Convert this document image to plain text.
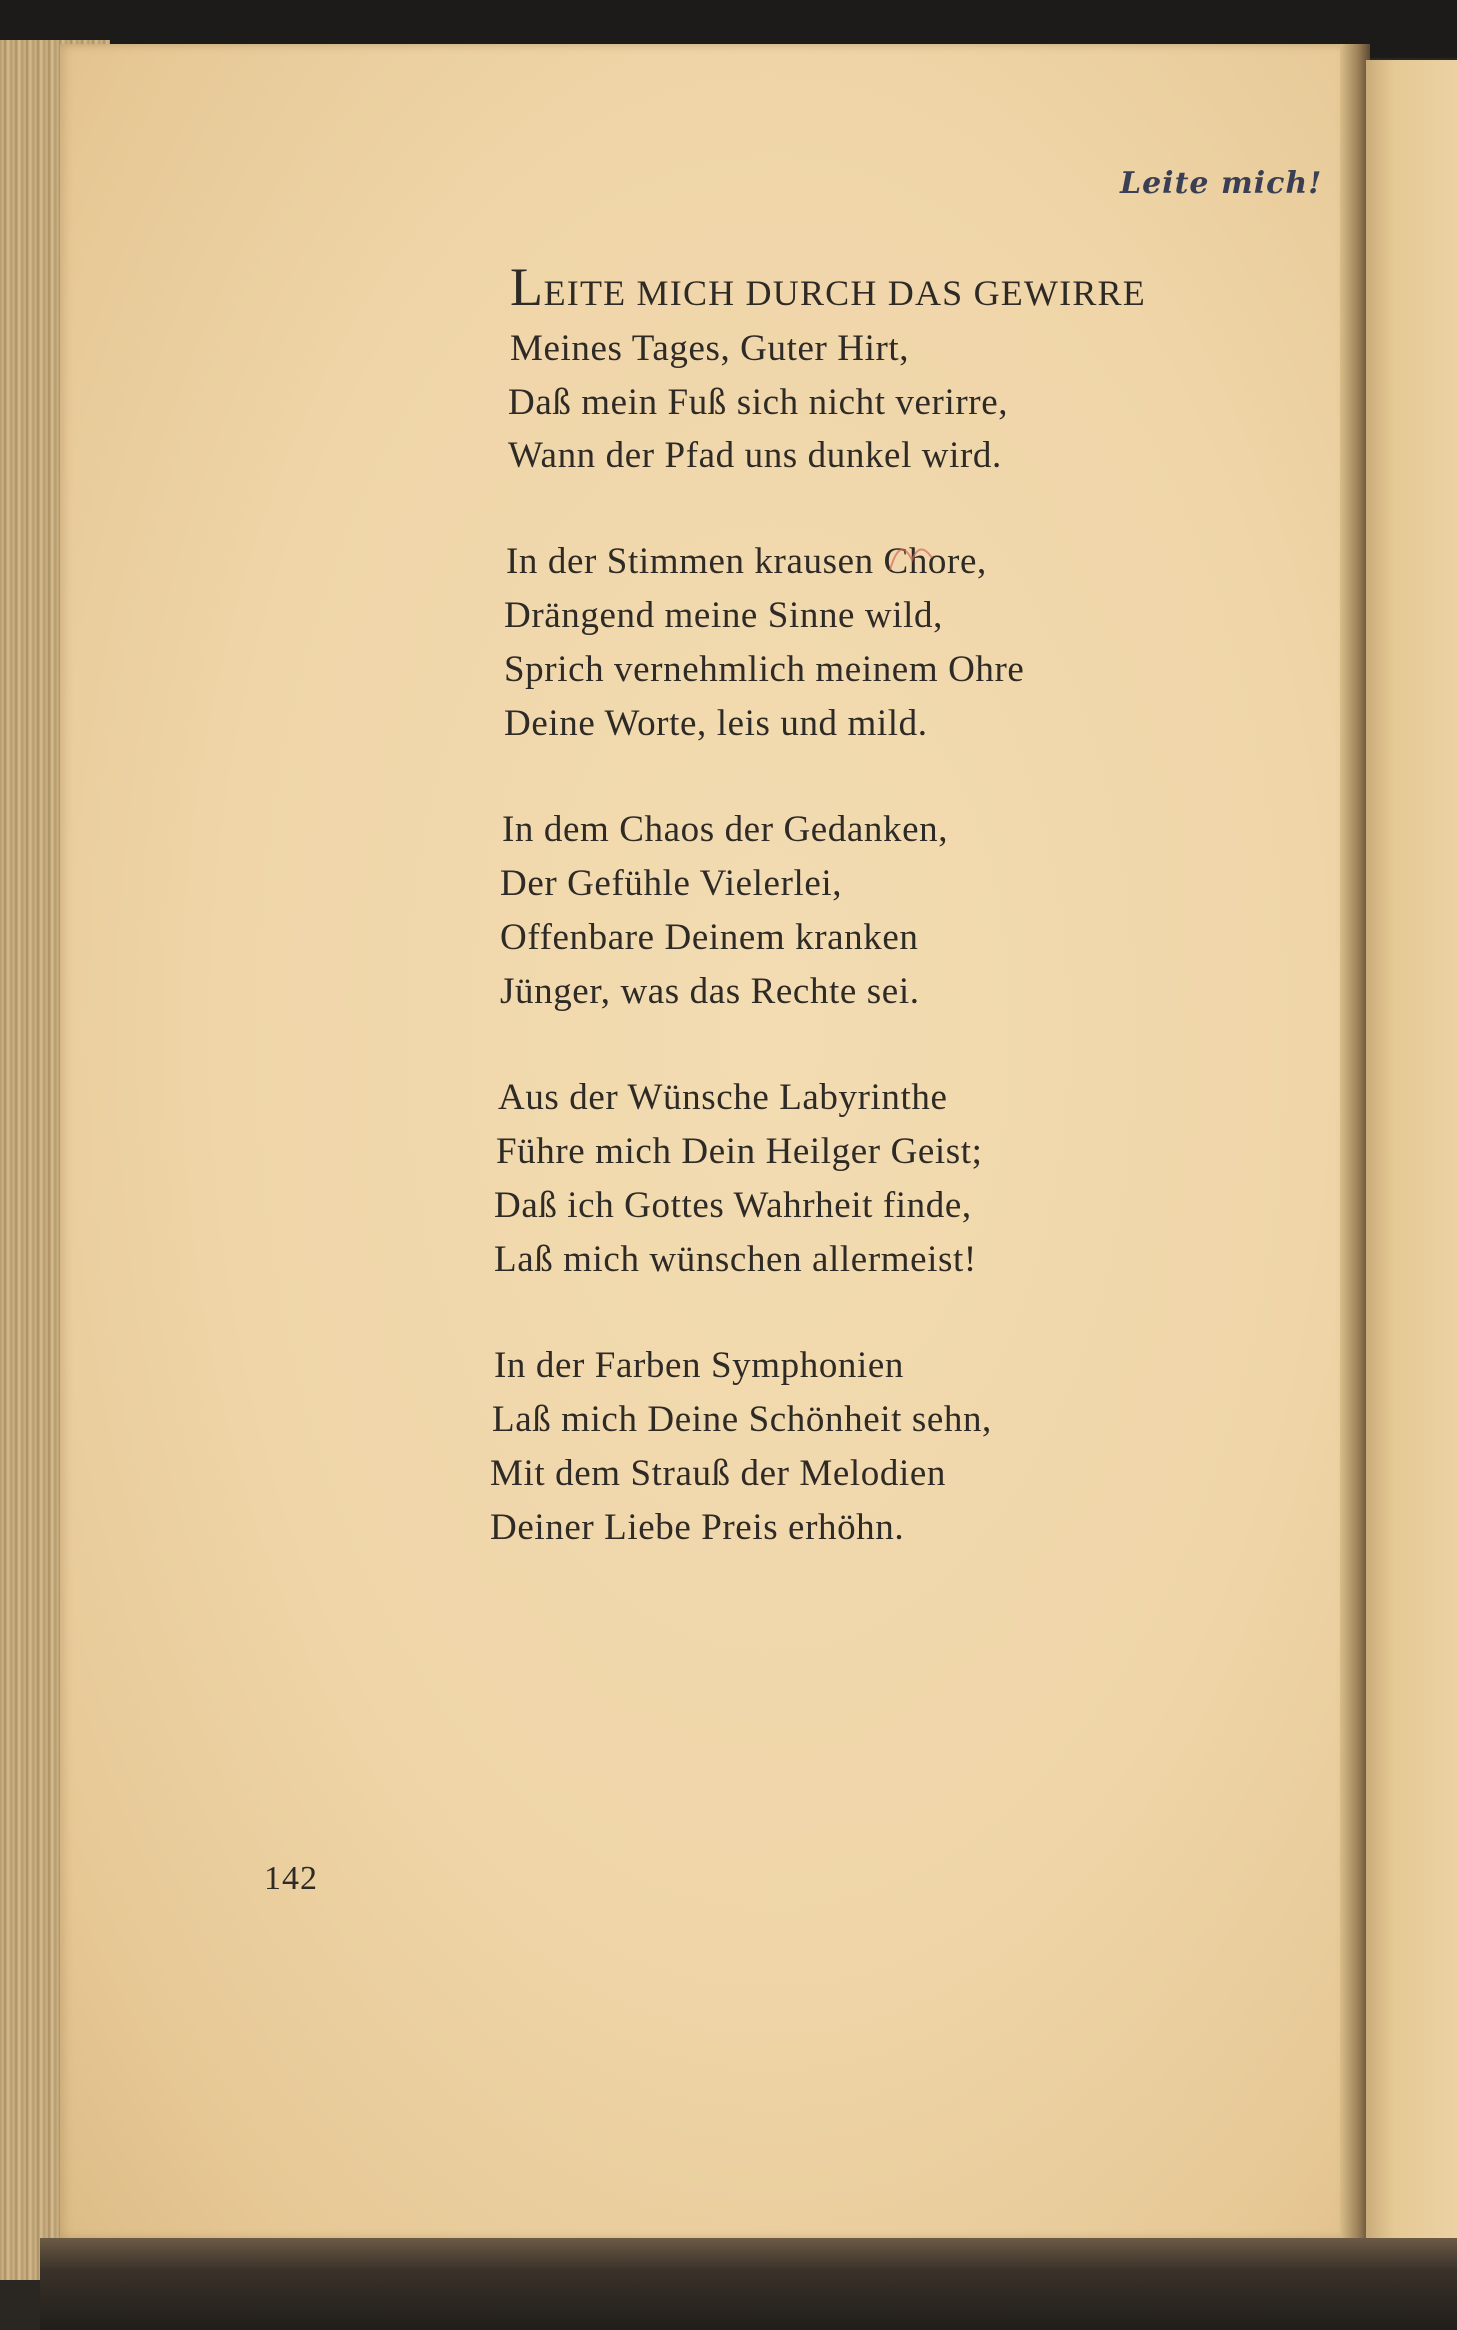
Leite mich!
LEITE MICH DURCH DAS GEWIRRE
Meines Tages, Guter Hirt,
Daß mein Fuß sich nicht verirre,
Wann der Pfad uns dunkel wird.
In der Stimmen krausen Chore,
Drängend meine Sinne wild,
Sprich vernehmlich meinem Ohre
Deine Worte, leis und mild.
In dem Chaos der Gedanken,
Der Gefühle Vielerlei,
Offenbare Deinem kranken
Jünger, was das Rechte sei.
Aus der Wünsche Labyrinthe
Führe mich Dein Heilger Geist;
Daß ich Gottes Wahrheit finde,
Laß mich wünschen allermeist!
In der Farben Symphonien
Laß mich Deine Schönheit sehn,
Mit dem Strauß der Melodien
Deiner Liebe Preis erhöhn.
142
